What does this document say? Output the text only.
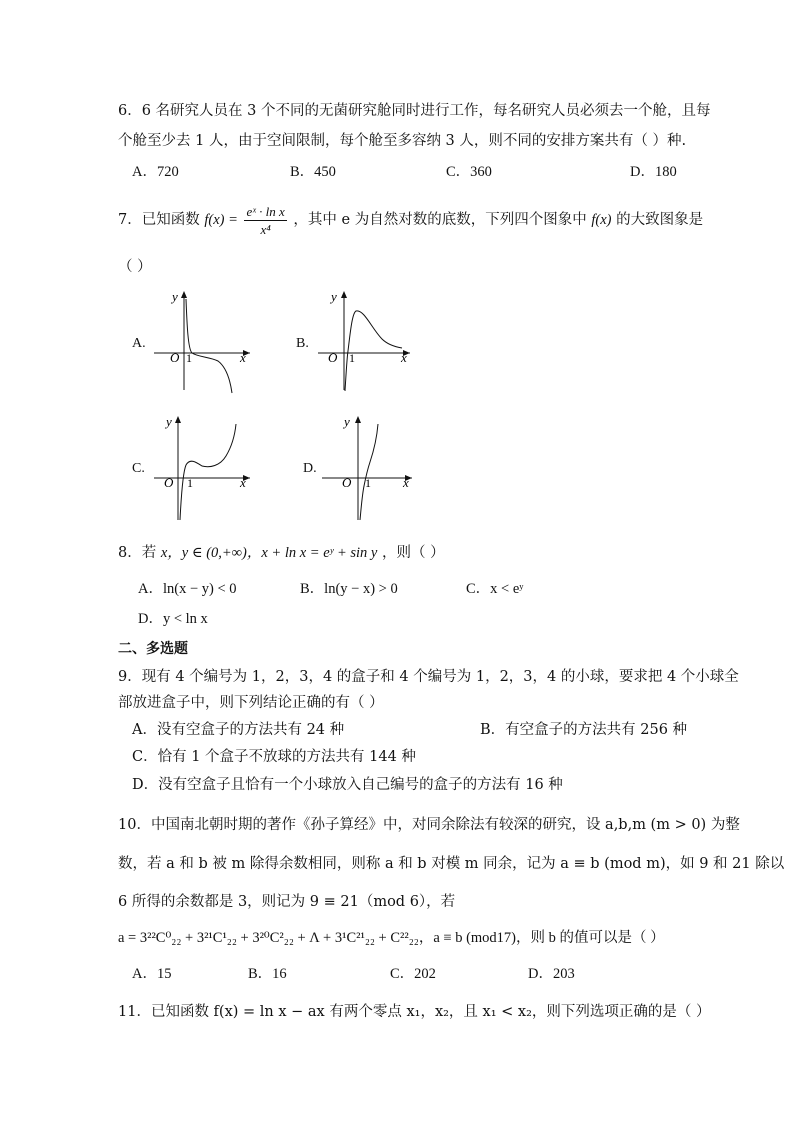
6．6 名研究人员在 3 个不同的无菌研究舱同时进行工作，每名研究人员必须去一个舱，且每
个舱至少去 1 人，由于空间限制，每个舱至多容纳 3 人，则不同的安排方案共有（ ）种.
A．720	B．450	C．360	D．180
7．已知函数 $f(x) = \frac{\text{eˣ · ln x}}{\text{x⁴}}$ ，其中 e 为自然对数的底数，下列四个图象中 f(x) 的大致图象是
（ ）
A.	B.
C.	D.
O 1	x
y
O 1	x
y
O 1	x
y
O 1 x
y
8．若 x，y ∈ (0,+∞)，x + ln x = eʸ + sin y ，则（ ）
A．ln(x − y) < 0	B．ln(y − x) > 0	C．x < eʸ
D．y < ln x
二、多选题
9．现有 4 个编号为 1，2，3，4 的盒子和 4 个编号为 1，2，3，4 的小球，要求把 4 个小球全
部放进盒子中，则下列结论正确的有（ ）
A．没有空盒子的方法共有 24 种	B．有空盒子的方法共有 256 种
C．恰有 1 个盒子不放球的方法共有 144 种
D．没有空盒子且恰有一个小球放入自己编号的盒子的方法有 16 种
10．中国南北朝时期的著作《孙子算经》中，对同余除法有较深的研究，设 a,b,m (m > 0) 为整
数，若 a 和 b 被 m 除得余数相同，则称 a 和 b 对模 m 同余，记为 a ≡ b (mod m)，如 9 和 21 除以
6 所得的余数都是 3，则记为 9 ≡ 21（mod 6），若
a = 3²²C⁰₂₂ + 3²¹C¹₂₂ + 3²⁰C²₂₂ + Λ + 3¹C²¹₂₂ + C²²₂₂，a ≡ b (mod17)，则 b 的值可以是（ ）
A．15	B．16	C．202	D．203
11．已知函数 f(x) = ln x − ax 有两个零点 x₁，x₂，且 x₁ < x₂，则下列选项正确的是（ ）
